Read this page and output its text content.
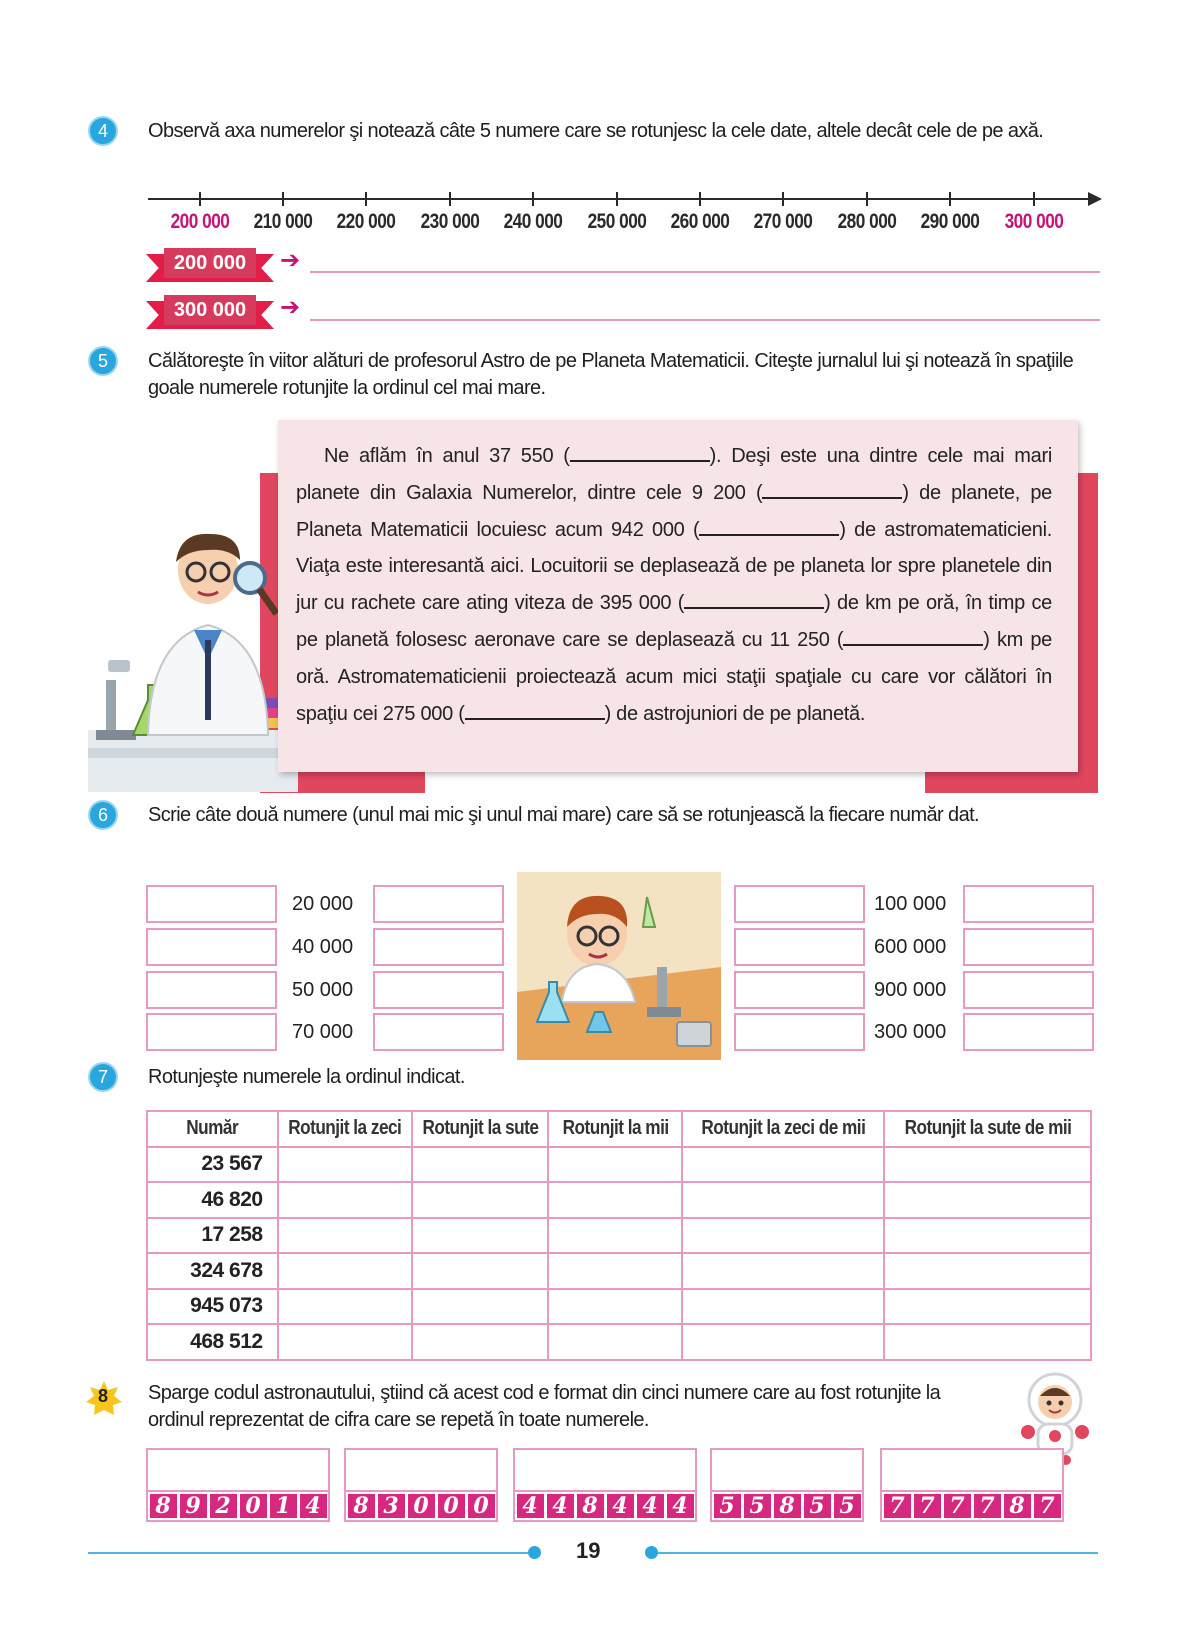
4	Observă axa numerelor şi notează câte 5 numere care se rotunjesc la cele date, altele decât cele de pe axă.
200 000 210 000 220 000 230 000 240 000 250 000 260 000 270 000 280 000 290 000 300 000
200 000	➔
300 000	➔
5	Călătoreşte în viitor alături de profesorul Astro de pe Planeta Matematicii. Citeşte jurnalul lui şi notează în spaţiile goale numerele rotunjite la ordinul cel mai mare.
Ne aflăm în anul 37 550 (	). Deşi este una dintre cele mai mari planete din Galaxia Numerelor, dintre cele 9 200 (	) de planete, pe Planeta Matematicii locuiesc acum 942 000 (	) de astromatematicieni. Viaţa este interesantă aici. Locuitorii se deplasează de pe planeta lor spre planetele din jur cu rachete care ating viteza de 395 000 (	) de km pe oră, în timp ce pe planetă folosesc aeronave care se deplasează cu 11 250 (	) km pe oră. Astromatematicienii proiectează acum mici staţii spaţiale cu care vor călători în spaţiu cei 275 000 (	) de astrojuniori de pe planetă.
6	Scrie câte două numere (unul mai mic şi unul mai mare) care să se rotunjească la fiecare număr dat.
20 000
40 000
50 000
70 000
100 000
600 000
900 000
300 000
7	Rotunjeşte numerele la ordinul indicat.
Număr	Rotunjit la zeci	Rotunjit la sute	Rotunjit la mii	Rotunjit la zeci de mii	Rotunjit la sute de mii
23 567					
46 820					
17 258					
324 678					
945 073					
468 512					
8 Sparge codul astronautului, ştiind că acest cod e format din cinci numere care au fost rotunjite la ordinul reprezentat de cifra care se repetă în toate numerele.
8 9 2 0 1 4 8 3 0 0 0 4 4 8 4 4 4 5 5 8 5 5 7 7 7 7 8 7
19
